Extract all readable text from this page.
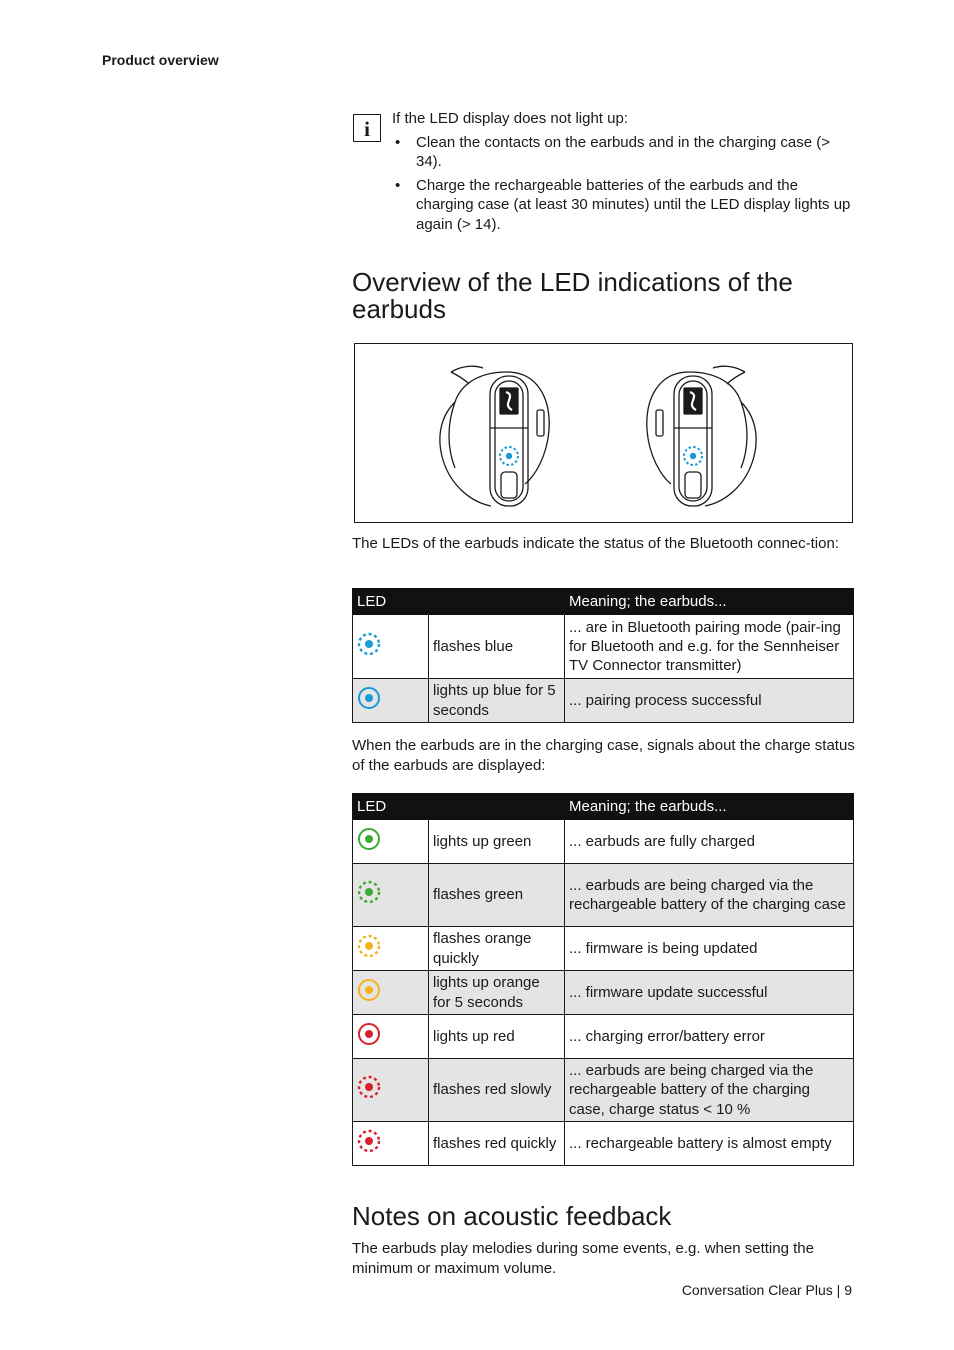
Product overview
i	If the LED display does not light up:

• Clean the contacts on the earbuds and in the charging case (> 34).
• Charge the rechargeable batteries of the earbuds and the charging case (at least 30 minutes) until the LED display lights up again (> 14).
Overview of the LED indications of the earbuds

The LEDs of the earbuds indicate the status of the Bluetooth connec-tion:

LED		Meaning; the earbuds...
	flashes blue	... are in Bluetooth pairing mode (pair-ing for Bluetooth and e.g. for the Sennheiser TV Connector transmitter)
	lights up blue for 5 seconds	... pairing process successful

When the earbuds are in the charging case, signals about the charge status of the earbuds are displayed:

LED		Meaning; the earbuds...
	lights up green	... earbuds are fully charged
	flashes green	... earbuds are being charged via the rechargeable battery of the charging case
	flashes orange quickly	... firmware is being updated
	lights up orange for 5 seconds	... firmware update successful
	lights up red	... charging error/battery error
	flashes red slowly	... earbuds are being charged via the rechargeable battery of the charging case, charge status < 10 %
	flashes red quickly	... rechargeable battery is almost empty
Notes on acoustic feedback

The earbuds play melodies during some events, e.g. when setting the minimum or maximum volume.

Conversation Clear Plus | 9
